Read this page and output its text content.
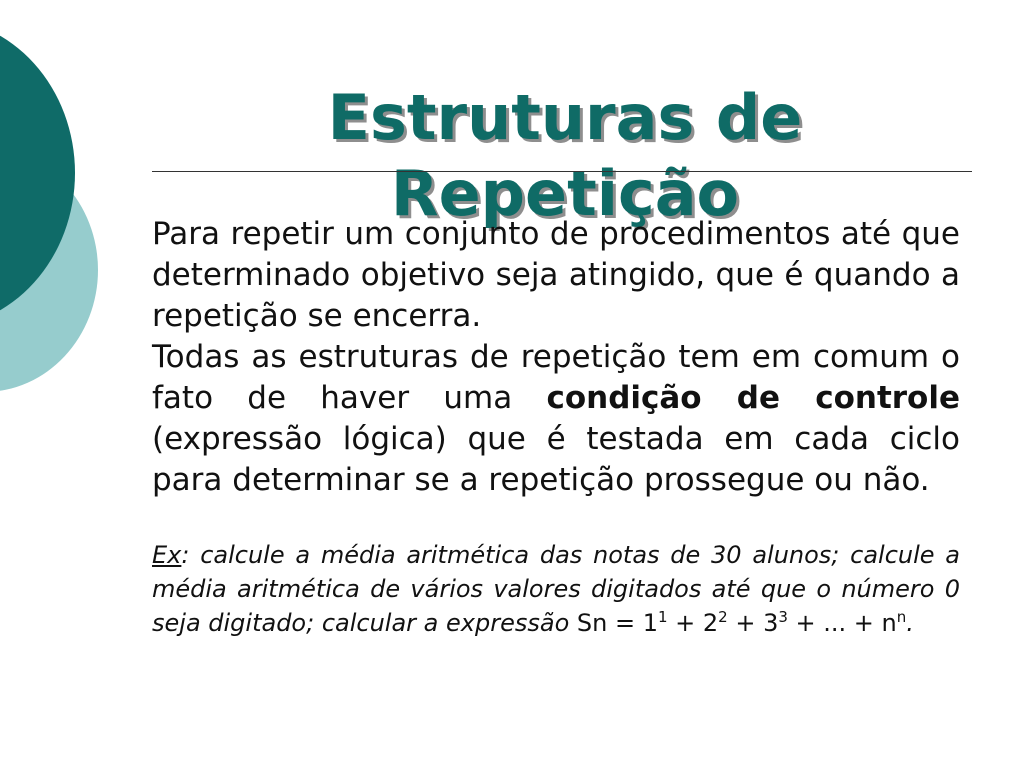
Estruturas de Repetição

Para repetir um conjunto de procedimentos até que determinado objetivo seja atingido, que é quando a repetição se encerra.

Todas as estruturas de repetição tem em comum o fato de haver uma condição de controle (expressão lógica) que é testada em cada ciclo para determinar se a repetição prossegue ou não.

Ex: calcule a média aritmética das notas de 30 alunos; calcule a média aritmética de vários valores digitados até que o número 0 seja digitado; calcular a expressão $Sn = 1^1 + 2^2 + 3^3$ + ... + $n^n$.
